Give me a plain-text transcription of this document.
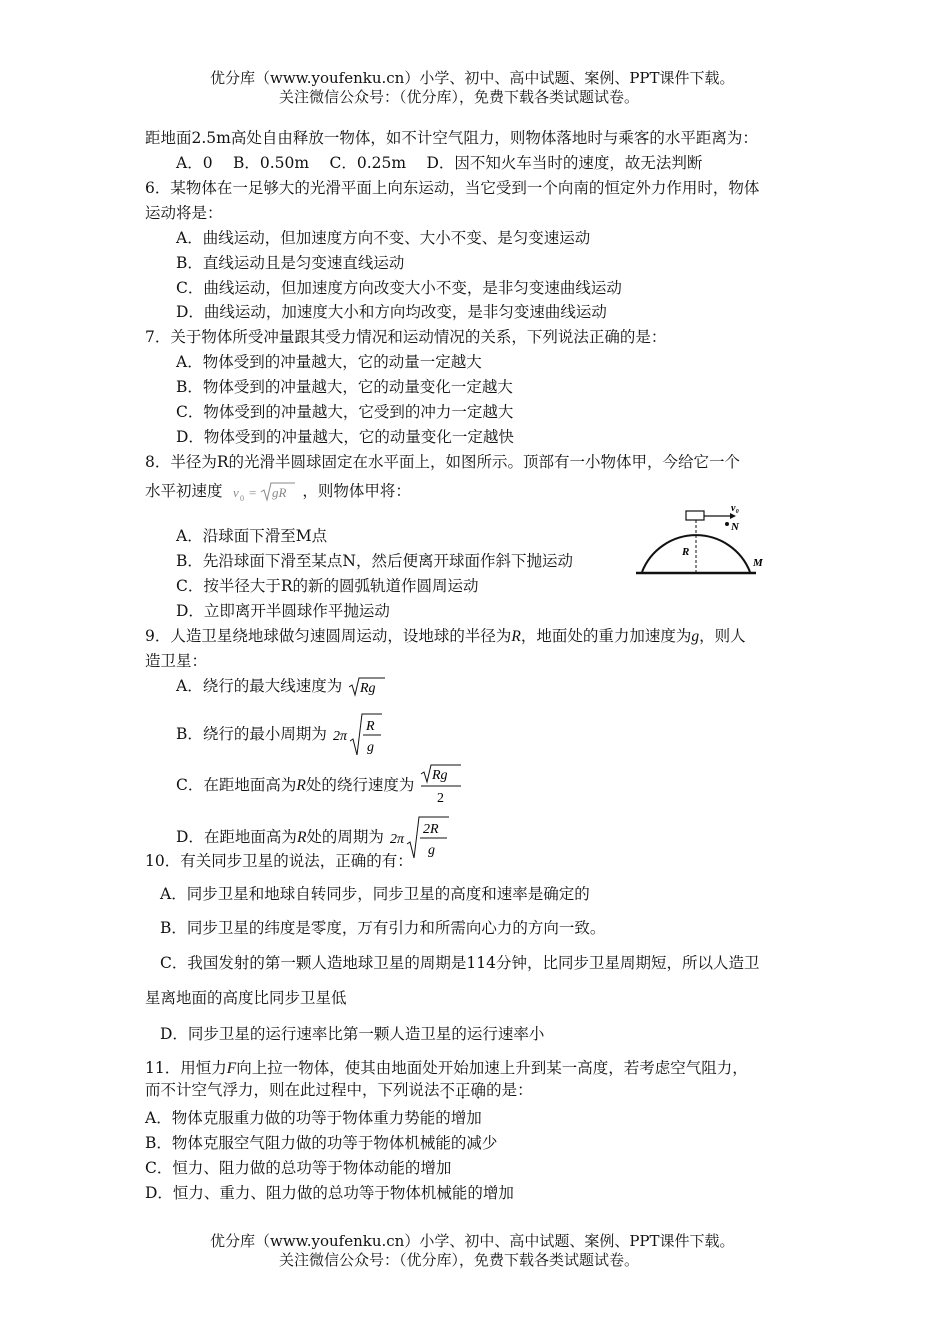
优分库（www.youfenku.cn）小学、初中、高中试题、案例、PPT课件下载。
关注微信公众号：（优分库），免费下载各类试题试卷。
距地面2.5m高处自由释放一物体，如不计空气阻力，则物体落地时与乘客的水平距离为：
A．0　 B．0.50m　 C．0.25m　 D．因不知火车当时的速度，故无法判断
6．某物体在一足够大的光滑平面上向东运动，当它受到一个向南的恒定外力作用时，物体
运动将是：
A．曲线运动，但加速度方向不变、大小不变、是匀变速运动
B．直线运动且是匀变速直线运动
C．曲线运动，但加速度方向改变大小不变，是非匀变速曲线运动
D．曲线运动，加速度大小和方向均改变，是非匀变速曲线运动
7．关于物体所受冲量跟其受力情况和运动情况的关系，下列说法正确的是：
A．物体受到的冲量越大，它的动量一定越大
B．物体受到的冲量越大，它的动量变化一定越大
C．物体受到的冲量越大，它受到的冲力一定越大
D．物体受到的冲量越大，它的动量变化一定越快
8．半径为R的光滑半圆球固定在水平面上，如图所示。顶部有一小物体甲，今给它一个
水平初速度 v 0 = gR ，则物体甲将：
A．沿球面下滑至M点
B．先沿球面下滑至某点N，然后便离开球面作斜下抛运动
C．按半径大于R的新的圆弧轨道作圆周运动
D．立即离开半圆球作平抛运动
v₀
N
R
M
9．人造卫星绕地球做匀速圆周运动，设地球的半径为R，地面处的重力加速度为g，则人
造卫星：
A．绕行的最大线速度为 Rg
B．绕行的最小周期为 2π
R
g
C．在距地面高为R处的绕行速度为
Rg
2
D．在距地面高为R处的周期为 2π
2R
g
10．有关同步卫星的说法，正确的有：
A．同步卫星和地球自转同步，同步卫星的高度和速率是确定的
B．同步卫星的纬度是零度，万有引力和所需向心力的方向一致。
C．我国发射的第一颗人造地球卫星的周期是114分钟，比同步卫星周期短，所以人造卫
星离地面的高度比同步卫星低
D．同步卫星的运行速率比第一颗人造卫星的运行速率小
11．用恒力F向上拉一物体，使其由地面处开始加速上升到某一高度，若考虑空气阻力，
而不计空气浮力，则在此过程中，下列说法不正确的是：
A．物体克服重力做的功等于物体重力势能的增加
B．物体克服空气阻力做的功等于物体机械能的减少
C．恒力、阻力做的总功等于物体动能的增加
D．恒力、重力、阻力做的总功等于物体机械能的增加
优分库（www.youfenku.cn）小学、初中、高中试题、案例、PPT课件下载。
关注微信公众号：（优分库），免费下载各类试题试卷。
